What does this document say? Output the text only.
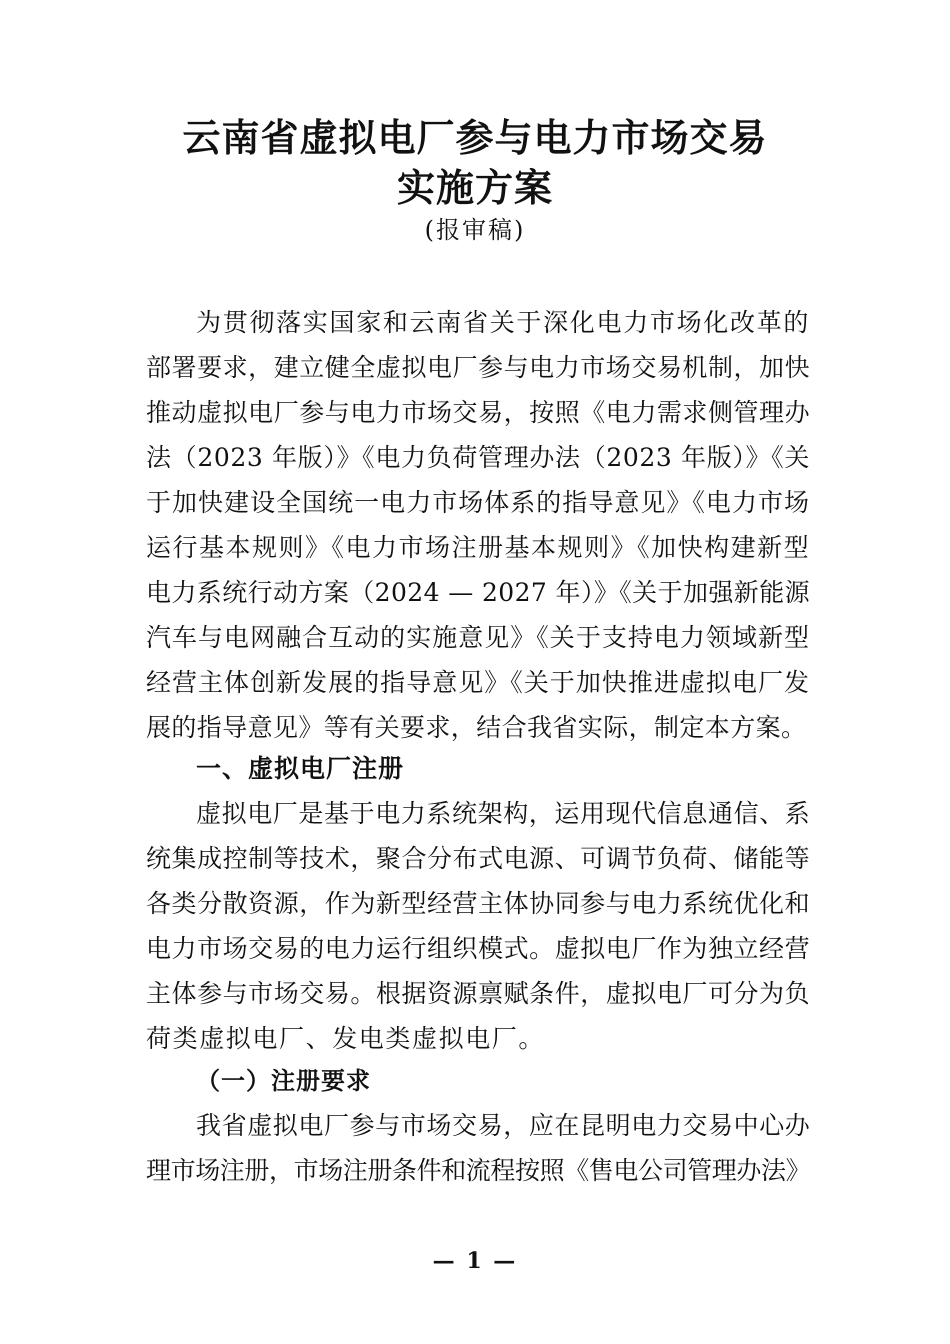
云南省虚拟电厂参与电力市场交易
实施方案
(报审稿)
为贯彻落实国家和云南省关于深化电力市场化改革的
部署要求，建立健全虚拟电厂参与电力市场交易机制，加快
推动虚拟电厂参与电力市场交易，按照《电力需求侧管理办
法（2023 年版）》《电力负荷管理办法（2023 年版）》《关
于加快建设全国统一电力市场体系的指导意见》《电力市场
运行基本规则》《电力市场注册基本规则》《加快构建新型
电力系统行动方案（2024 — 2027 年）》《关于加强新能源
汽车与电网融合互动的实施意见》《关于支持电力领域新型
经营主体创新发展的指导意见》《关于加快推进虚拟电厂发
展的指导意见》等有关要求，结合我省实际，制定本方案。
一、虚拟电厂注册
虚拟电厂是基于电力系统架构，运用现代信息通信、系
统集成控制等技术，聚合分布式电源、可调节负荷、储能等
各类分散资源，作为新型经营主体协同参与电力系统优化和
电力市场交易的电力运行组织模式。虚拟电厂作为独立经营
主体参与市场交易。根据资源禀赋条件，虚拟电厂可分为负
荷类虚拟电厂、发电类虚拟电厂。
（一）注册要求
我省虚拟电厂参与市场交易，应在昆明电力交易中心办
理市场注册，市场注册条件和流程按照《售电公司管理办法》
— 1 —
